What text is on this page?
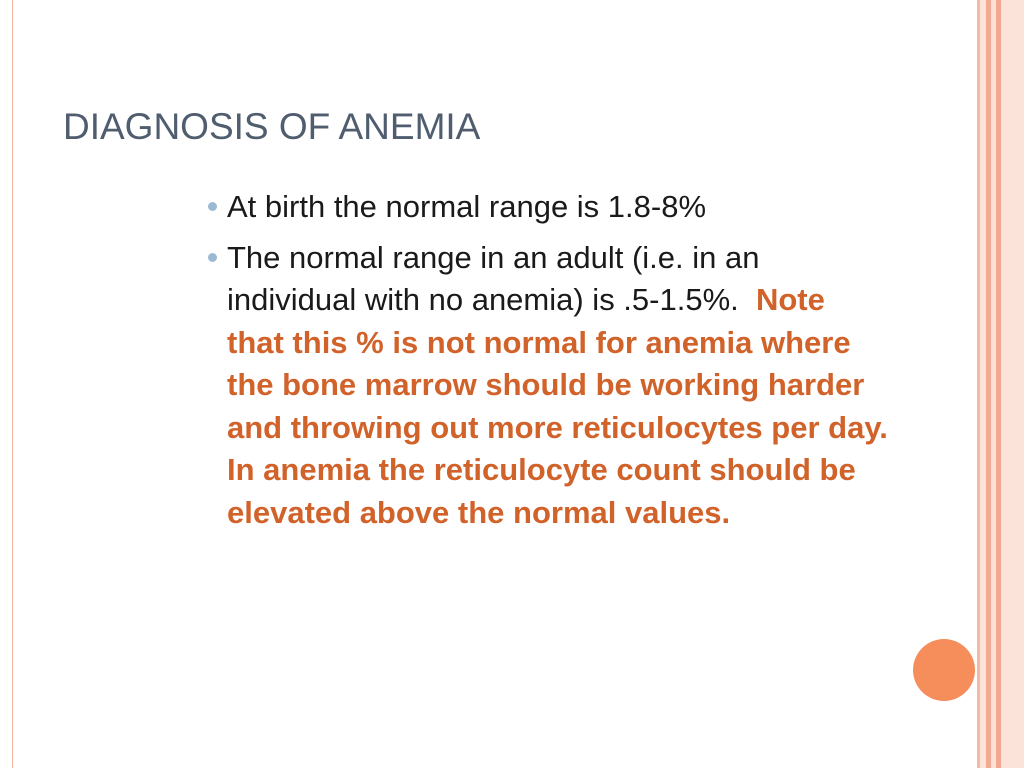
DIAGNOSIS OF ANEMIA
At birth the normal range is 1.8-8%
The normal range in an adult (i.e. in an individual with no anemia) is .5-1.5%.  Note that this % is not normal for anemia where the bone marrow should be working harder and throwing out more reticulocytes per day. In anemia the reticulocyte count should be elevated above the normal values.
